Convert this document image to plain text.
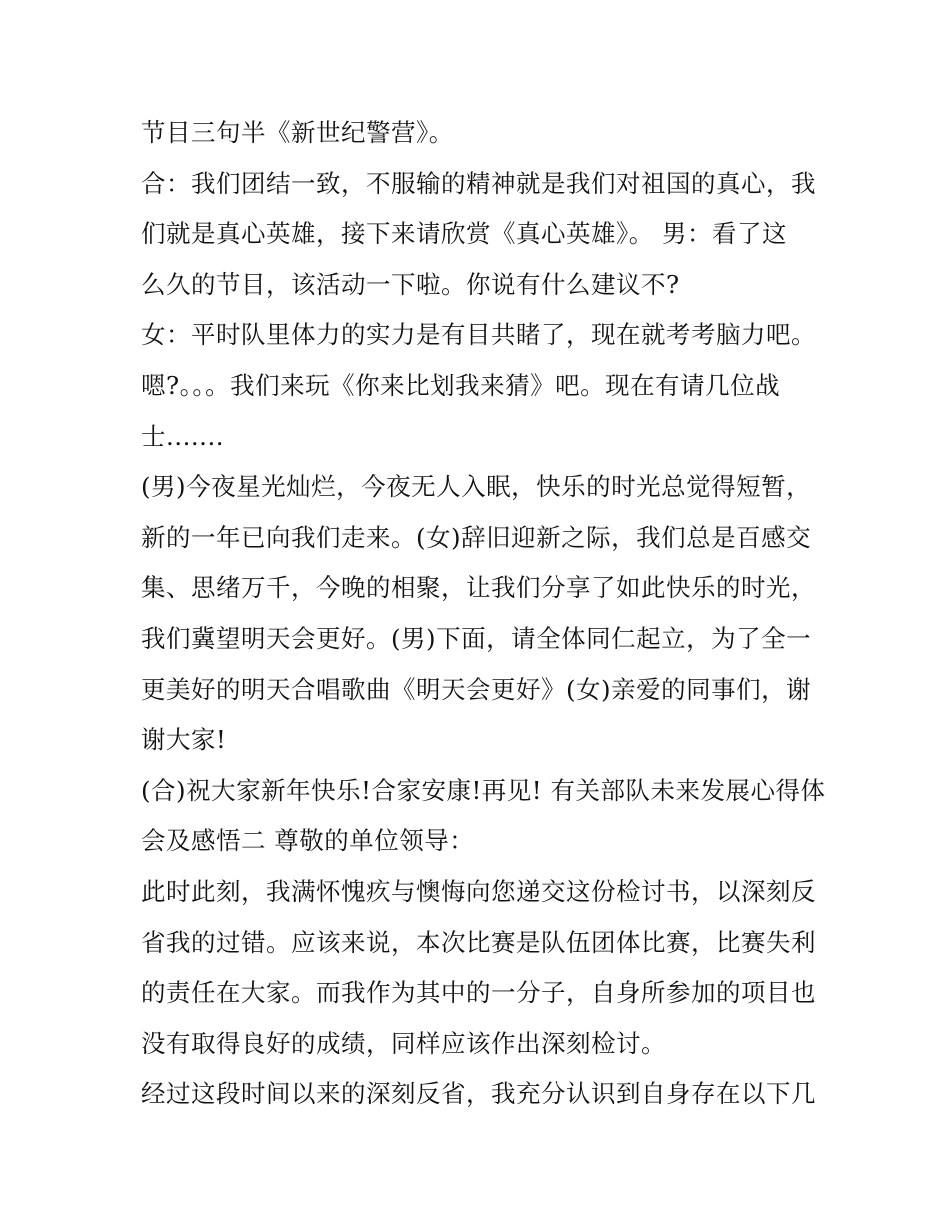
节目三句半《新世纪警营》。
合：我们团结一致，不服输的精神就是我们对祖国的真心，我
们就是真心英雄，接下来请欣赏《真心英雄》。 男：看了这
么久的节目，该活动一下啦。你说有什么建议不?
女：平时队里体力的实力是有目共睹了，现在就考考脑力吧。
嗯?。。。我们来玩《你来比划我来猜》吧。现在有请几位战
士.......
(男)今夜星光灿烂，今夜无人入眠，快乐的时光总觉得短暂，
新的一年已向我们走来。(女)辞旧迎新之际，我们总是百感交
集、思绪万千，今晚的相聚，让我们分享了如此快乐的时光，
我们冀望明天会更好。(男)下面，请全体同仁起立，为了全一
更美好的明天合唱歌曲《明天会更好》(女)亲爱的同事们，谢
谢大家!
(合)祝大家新年快乐!合家安康!再见! 有关部队未来发展心得体
会及感悟二 尊敬的单位领导：
此时此刻，我满怀愧疚与懊悔向您递交这份检讨书，以深刻反
省我的过错。应该来说，本次比赛是队伍团体比赛，比赛失利
的责任在大家。而我作为其中的一分子，自身所参加的项目也
没有取得良好的成绩，同样应该作出深刻检讨。
经过这段时间以来的深刻反省，我充分认识到自身存在以下几
